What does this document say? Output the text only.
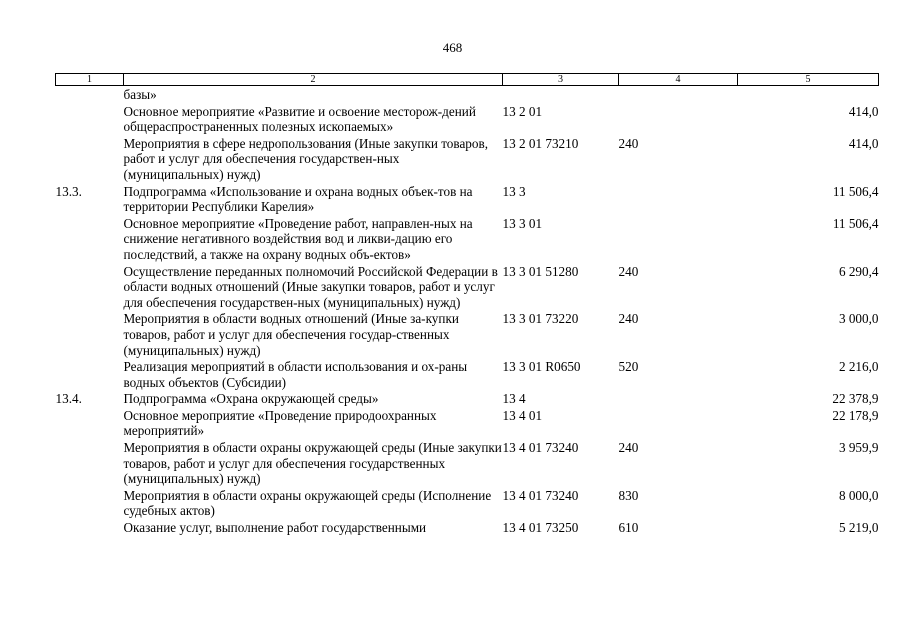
468
1	2	3	4	5
	базы»			
	Основное мероприятие «Развитие и освоение месторож-дений общераспространенных полезных ископаемых»	13 2 01		414,0
	Мероприятия в сфере недропользования (Иные закупки товаров, работ и услуг для обеспечения государствен-ных (муниципальных) нужд)	13 2 01 73210	240	414,0
13.3.	Подпрограмма «Использование и охрана водных объек-тов на территории Республики Карелия»	13 3		11 506,4
	Основное мероприятие «Проведение работ, направлен-ных на снижение негативного воздействия вод и ликви-дацию его последствий, а также на охрану водных объ-ектов»	13 3 01		11 506,4
	Осуществление переданных полномочий Российской Федерации в области водных отношений (Иные закупки товаров, работ и услуг для обеспечения государствен-ных (муниципальных) нужд)	13 3 01 51280	240	6 290,4
	Мероприятия в области водных отношений (Иные за-купки товаров, работ и услуг для обеспечения государ-ственных (муниципальных) нужд)	13 3 01 73220	240	3 000,0
	Реализация мероприятий в области использования и ох-раны водных объектов (Субсидии)	13 3 01 R0650	520	2 216,0
13.4.	Подпрограмма «Охрана окружающей среды»	13 4		22 378,9
	Основное мероприятие «Проведение природоохранных мероприятий»	13 4 01		22 178,9
	Мероприятия в области охраны окружающей среды (Иные закупки товаров, работ и услуг для обеспечения государственных (муниципальных) нужд)	13 4 01 73240	240	3 959,9
	Мероприятия в области охраны окружающей среды (Исполнение судебных актов)	13 4 01 73240	830	8 000,0
	Оказание услуг, выполнение работ государственными	13 4 01 73250	610	5 219,0
